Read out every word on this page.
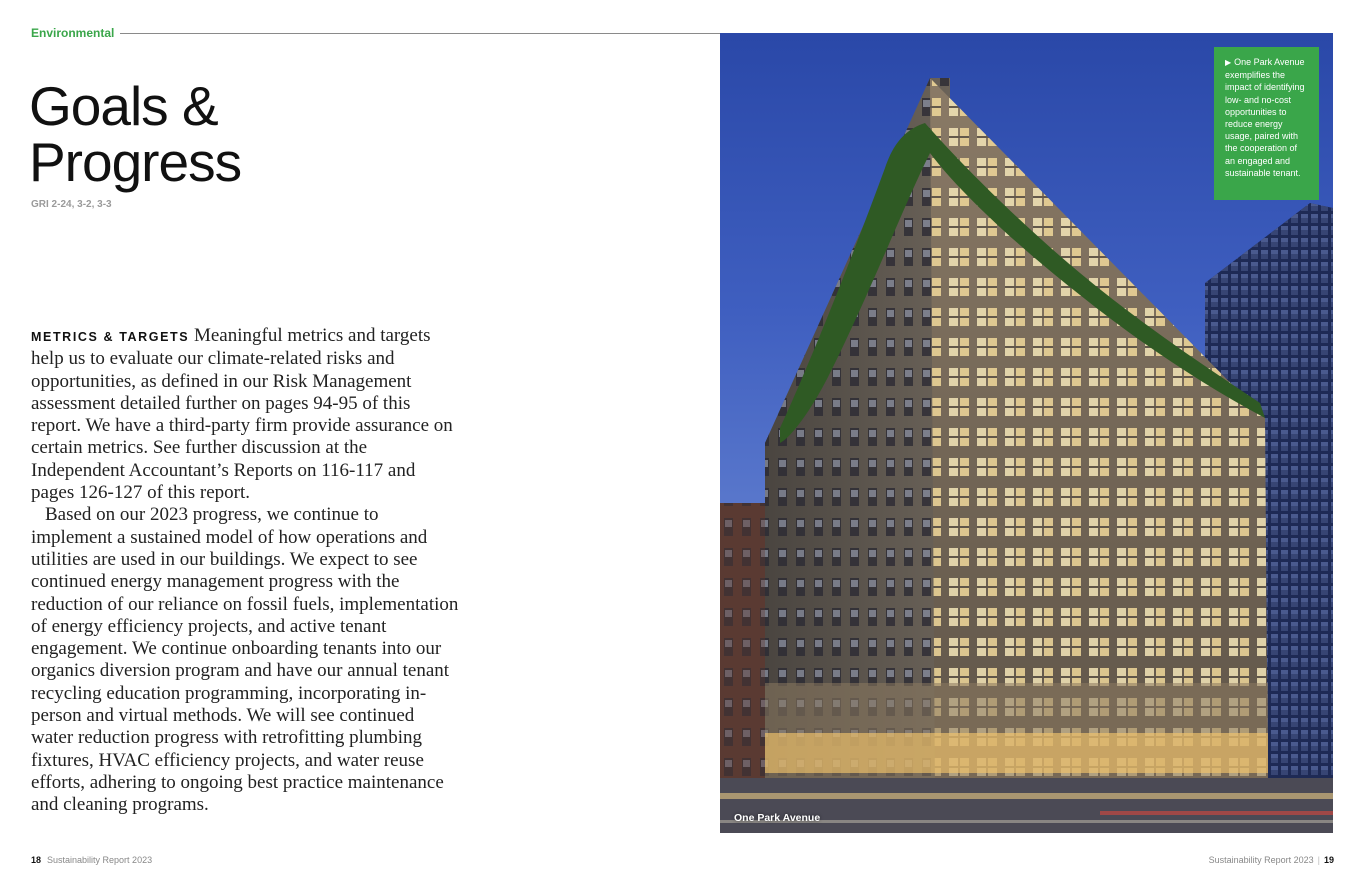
Environmental
Goals &
Progress
GRI 2-24, 3-2, 3-3

METRICS & TARGETS Meaningful metrics and targets help us to evaluate our climate-related risks and opportunities, as defined in our Risk Management assessment detailed further on pages 94-95 of this report. We have a third-party firm provide assurance on certain metrics. See further discussion at the Independent Accountant’s Reports on 116-117 and pages 126-127 of this report.

Based on our 2023 progress, we continue to implement a sustained model of how operations and utilities are used in our buildings. We expect to see continued energy management progress with the reduction of our reliance on fossil fuels, implementation of energy efficiency projects, and active tenant engagement. We continue onboarding tenants into our organics diversion program and have our annual tenant recycling education programming, incorporating in-person and virtual methods. We will see continued water reduction progress with retrofitting plumbing fixtures, HVAC efficiency projects, and water reuse efforts, adhering to ongoing best practice maintenance and cleaning programs.

▶ One Park Avenue exemplifies the impact of identifying low- and no-cost opportunities to reduce energy usage, paired with the cooperation of an engaged and sustainable tenant.
One Park Avenue
18 Sustainability Report 2023	Sustainability Report 2023 | 19
